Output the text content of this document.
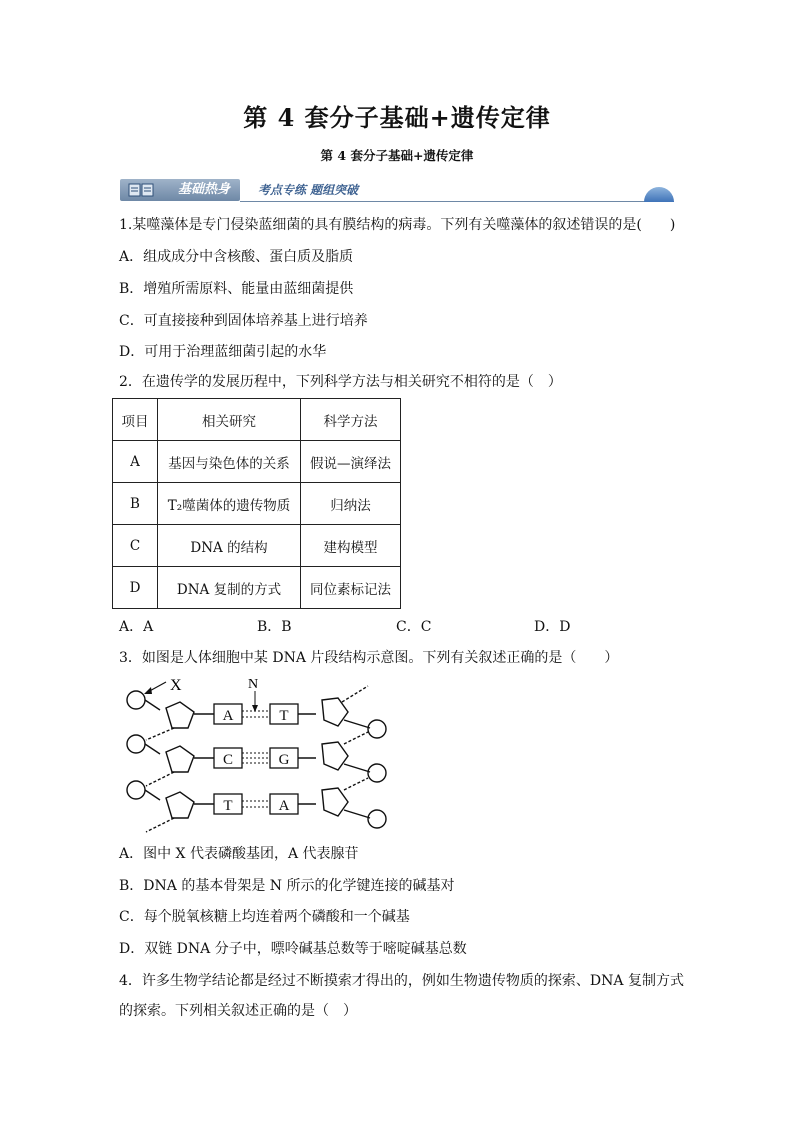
第 4 套分子基础+遗传定律
第 4 套分子基础+遗传定律
基础热身 考点专练 题组突破
1.某噬藻体是专门侵染蓝细菌的具有膜结构的病毒。下列有关噬藻体的叙述错误的是(　　)
A．组成成分中含核酸、蛋白质及脂质
B．增殖所需原料、能量由蓝细菌提供
C．可直接接种到固体培养基上进行培养
D．可用于治理蓝细菌引起的水华
2．在遗传学的发展历程中，下列科学方法与相关研究不相符的是（　）
项目	相关研究	科学方法
A	基因与染色体的关系	假说—演绎法
B	T₂噬菌体的遗传物质	归纳法
C	DNA 的结构	建构模型
D	DNA 复制的方式	同位素标记法
A．A	B．B	C．C	D．D
3．如图是人体细胞中某 DNA 片段结构示意图。下列有关叙述正确的是（　　）
X	N
A	T
C	G
T	A
A．图中 X 代表磷酸基团，A 代表腺苷
B．DNA 的基本骨架是 N 所示的化学键连接的碱基对
C．每个脱氧核糖上均连着两个磷酸和一个碱基
D．双链 DNA 分子中，嘌呤碱基总数等于嘧啶碱基总数
4．许多生物学结论都是经过不断摸索才得出的，例如生物遗传物质的探索、DNA 复制方式
的探索。下列相关叙述正确的是（　）
